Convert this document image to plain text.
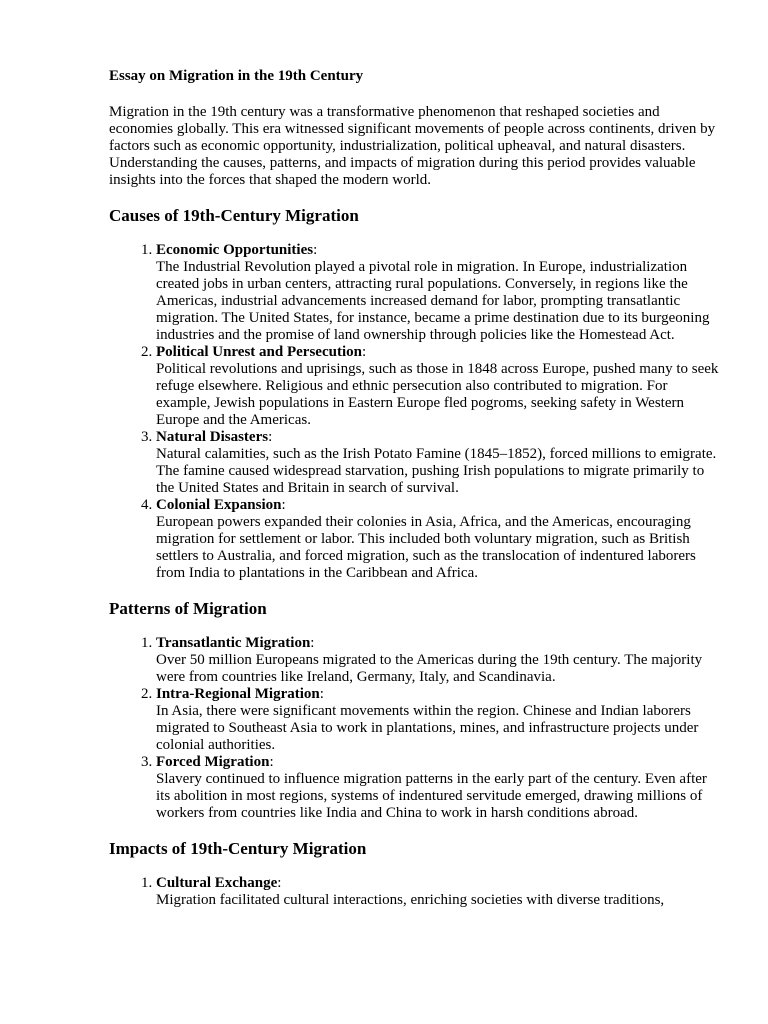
Essay on Migration in the 19th Century

Migration in the 19th century was a transformative phenomenon that reshaped societies and economies globally. This era witnessed significant movements of people across continents, driven by factors such as economic opportunity, industrialization, political upheaval, and natural disasters. Understanding the causes, patterns, and impacts of migration during this period provides valuable insights into the forces that shaped the modern world.

Causes of 19th-Century Migration
1. Economic Opportunities:
The Industrial Revolution played a pivotal role in migration. In Europe, industrialization created jobs in urban centers, attracting rural populations. Conversely, in regions like the Americas, industrial advancements increased demand for labor, prompting transatlantic migration. The United States, for instance, became a prime destination due to its burgeoning industries and the promise of land ownership through policies like the Homestead Act.
2. Political Unrest and Persecution:
Political revolutions and uprisings, such as those in 1848 across Europe, pushed many to seek refuge elsewhere. Religious and ethnic persecution also contributed to migration. For example, Jewish populations in Eastern Europe fled pogroms, seeking safety in Western Europe and the Americas.
3. Natural Disasters:
Natural calamities, such as the Irish Potato Famine (1845–1852), forced millions to emigrate. The famine caused widespread starvation, pushing Irish populations to migrate primarily to the United States and Britain in search of survival.
4. Colonial Expansion:
European powers expanded their colonies in Asia, Africa, and the Americas, encouraging migration for settlement or labor. This included both voluntary migration, such as British settlers to Australia, and forced migration, such as the translocation of indentured laborers from India to plantations in the Caribbean and Africa.
Patterns of Migration
1. Transatlantic Migration:
Over 50 million Europeans migrated to the Americas during the 19th century. The majority were from countries like Ireland, Germany, Italy, and Scandinavia.
2. Intra-Regional Migration:
In Asia, there were significant movements within the region. Chinese and Indian laborers migrated to Southeast Asia to work in plantations, mines, and infrastructure projects under colonial authorities.
3. Forced Migration:
Slavery continued to influence migration patterns in the early part of the century. Even after its abolition in most regions, systems of indentured servitude emerged, drawing millions of workers from countries like India and China to work in harsh conditions abroad.
Impacts of 19th-Century Migration
1. Cultural Exchange:
Migration facilitated cultural interactions, enriching societies with diverse traditions,
